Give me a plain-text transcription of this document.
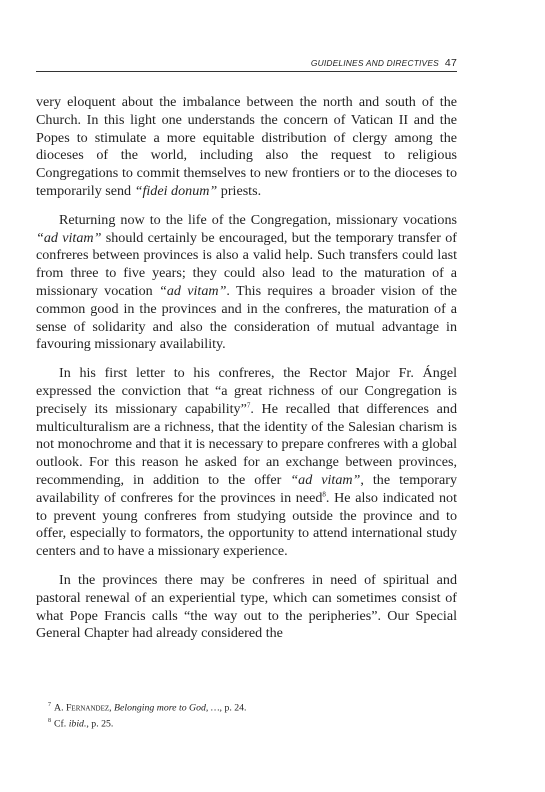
GUIDELINES AND DIRECTIVES 47

very eloquent about the imbalance between the north and south of the Church. In this light one understands the concern of Vatican II and the Popes to stimulate a more equitable distribution of clergy among the dioceses of the world, including also the request to religious Congregations to commit themselves to new frontiers or to the dioceses to temporarily send “fidei donum” priests.

Returning now to the life of the Congregation, missionary vocations “ad vitam” should certainly be encouraged, but the temporary transfer of confreres between provinces is also a valid help. Such transfers could last from three to five years; they could also lead to the maturation of a missionary vocation “ad vitam”. This requires a broader vision of the common good in the provinces and in the confreres, the maturation of a sense of solidarity and also the consideration of mutual advantage in favouring missionary availability.

In his first letter to his confreres, the Rector Major Fr. Ángel expressed the conviction that “a great richness of our Congregation is precisely its missionary capability”$^7$. He recalled that differences and multiculturalism are a richness, that the identity of the Salesian charism is not monochrome and that it is necessary to prepare confreres with a global outlook. For this reason he asked for an exchange between provinces, recommending, in addition to the offer “ad vitam”, the temporary availability of confreres for the provinces in need$^8$. He also indicated not to prevent young confreres from studying outside the province and to offer, especially to formators, the opportunity to attend international study centers and to have a missionary experience.

In the provinces there may be confreres in need of spiritual and pastoral renewal of an experiential type, which can sometimes consist of what Pope Francis calls “the way out to the peripheries”. Our Special General Chapter had already considered the

$^7$ A. Fernandez, Belonging more to God, …, p. 24.
$^8$ Cf. ibid., p. 25.
